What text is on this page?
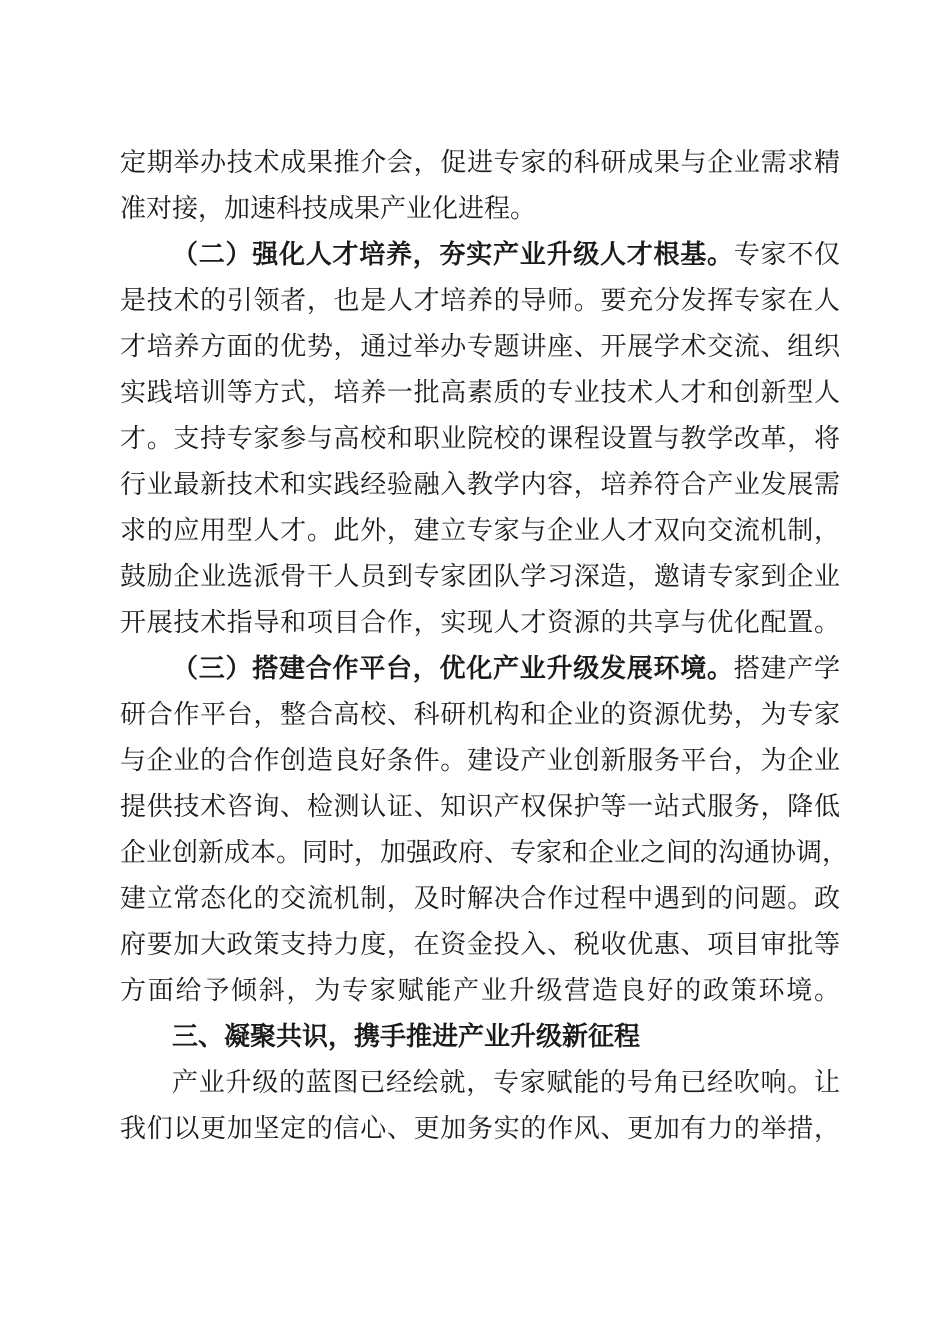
定期举办技术成果推介会，促进专家的科研成果与企业需求精
准对接，加速科技成果产业化进程。
（二）强化人才培养，夯实产业升级人才根基。专家不仅
是技术的引领者，也是人才培养的导师。要充分发挥专家在人
才培养方面的优势，通过举办专题讲座、开展学术交流、组织
实践培训等方式，培养一批高素质的专业技术人才和创新型人
才。支持专家参与高校和职业院校的课程设置与教学改革，将
行业最新技术和实践经验融入教学内容，培养符合产业发展需
求的应用型人才。此外，建立专家与企业人才双向交流机制，
鼓励企业选派骨干人员到专家团队学习深造，邀请专家到企业
开展技术指导和项目合作，实现人才资源的共享与优化配置。
（三）搭建合作平台，优化产业升级发展环境。搭建产学
研合作平台，整合高校、科研机构和企业的资源优势，为专家
与企业的合作创造良好条件。建设产业创新服务平台，为企业
提供技术咨询、检测认证、知识产权保护等一站式服务，降低
企业创新成本。同时，加强政府、专家和企业之间的沟通协调，
建立常态化的交流机制，及时解决合作过程中遇到的问题。政
府要加大政策支持力度，在资金投入、税收优惠、项目审批等
方面给予倾斜，为专家赋能产业升级营造良好的政策环境。
三、凝聚共识，携手推进产业升级新征程
产业升级的蓝图已经绘就，专家赋能的号角已经吹响。让
我们以更加坚定的信心、更加务实的作风、更加有力的举措，
